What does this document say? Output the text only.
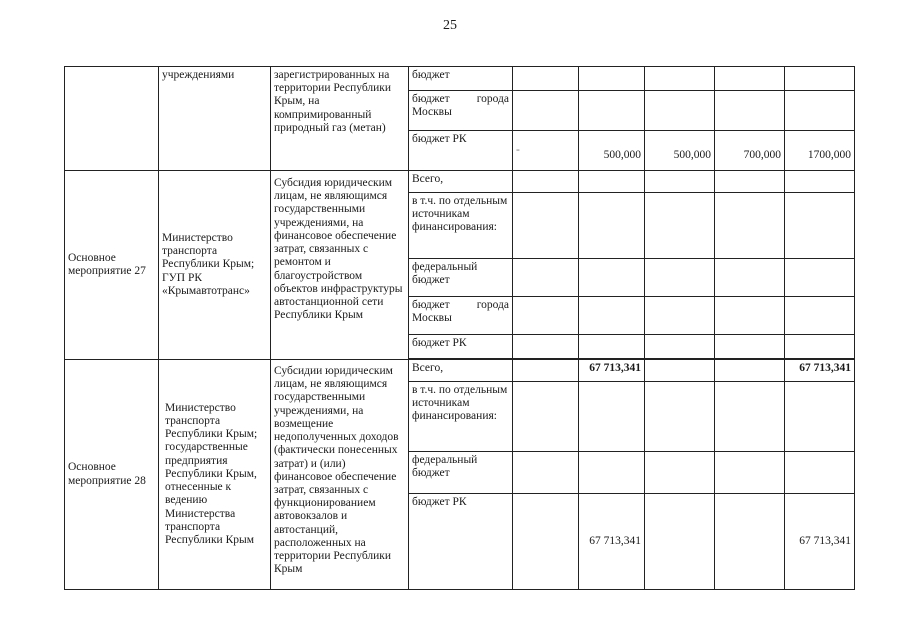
25
	учреждениями	зарегистрированных на территории Республики Крым, на компримированный природный газ (метан)	бюджет					

			бюджет города
Москвы					

			бюджет РК	-	500,000	500,000	700,000	1700,000
Основное мероприятие 27	Министерство транспорта Республики Крым; ГУП РК «Крымавтотранс»	Субсидия юридическим лицам, не являющимся государственными учреждениями, на финансовое обеспечение затрат, связанных с ремонтом и благоустройством объектов инфраструктуры автостанционной сети Республики Крым	Всего,					
			в т.ч. по отдельным источникам финансирования:					
			федеральный бюджет					

			бюджет города
Москвы					

			бюджет РК					

Основное мероприятие 28	Министерство транспорта Республики Крым; государственные предприятия Республики Крым, отнесенные к ведению Министерства транспорта Республики Крым	Субсидии юридическим лицам, не являющимся государственными учреждениями, на возмещение недополученных доходов (фактически понесенных затрат) и (или) финансовое обеспечение затрат, связанных с функционированием автовокзалов и автостанций, расположенных на территории Республики Крым	Всего,		67 713,341			67 713,341
			в т.ч. по отдельным источникам финансирования:					
			федеральный бюджет					
			бюджет РК		67 713,341			67 713,341
